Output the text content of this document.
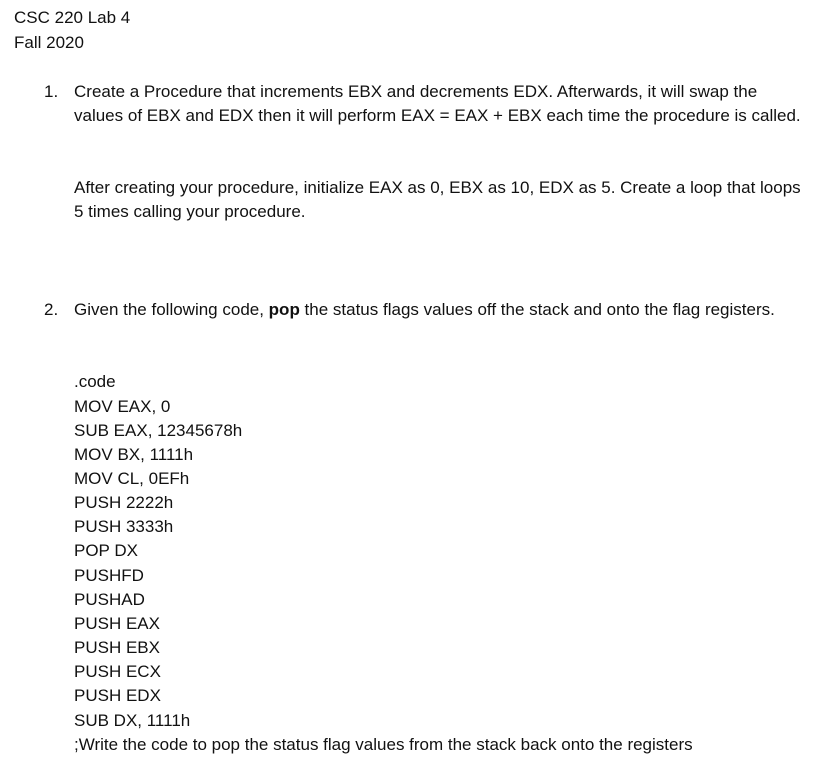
CSC 220 Lab 4
Fall 2020
1. Create a Procedure that increments EBX and decrements EDX. Afterwards, it will swap the values of EBX and EDX then it will perform EAX = EAX + EBX each time the procedure is called.

After creating your procedure, initialize EAX as 0, EBX as 10, EDX as 5. Create a loop that loops 5 times calling your procedure.

2. Given the following code, pop the status flags values off the stack and onto the flag registers.

.code
MOV EAX, 0
SUB EAX, 12345678h
MOV BX, 1111h
MOV CL, 0EFh
PUSH 2222h
PUSH 3333h
POP DX
PUSHFD
PUSHAD
PUSH EAX
PUSH EBX
PUSH ECX
PUSH EDX
SUB DX, 1111h
;Write the code to pop the status flag values from the stack back onto the registers
